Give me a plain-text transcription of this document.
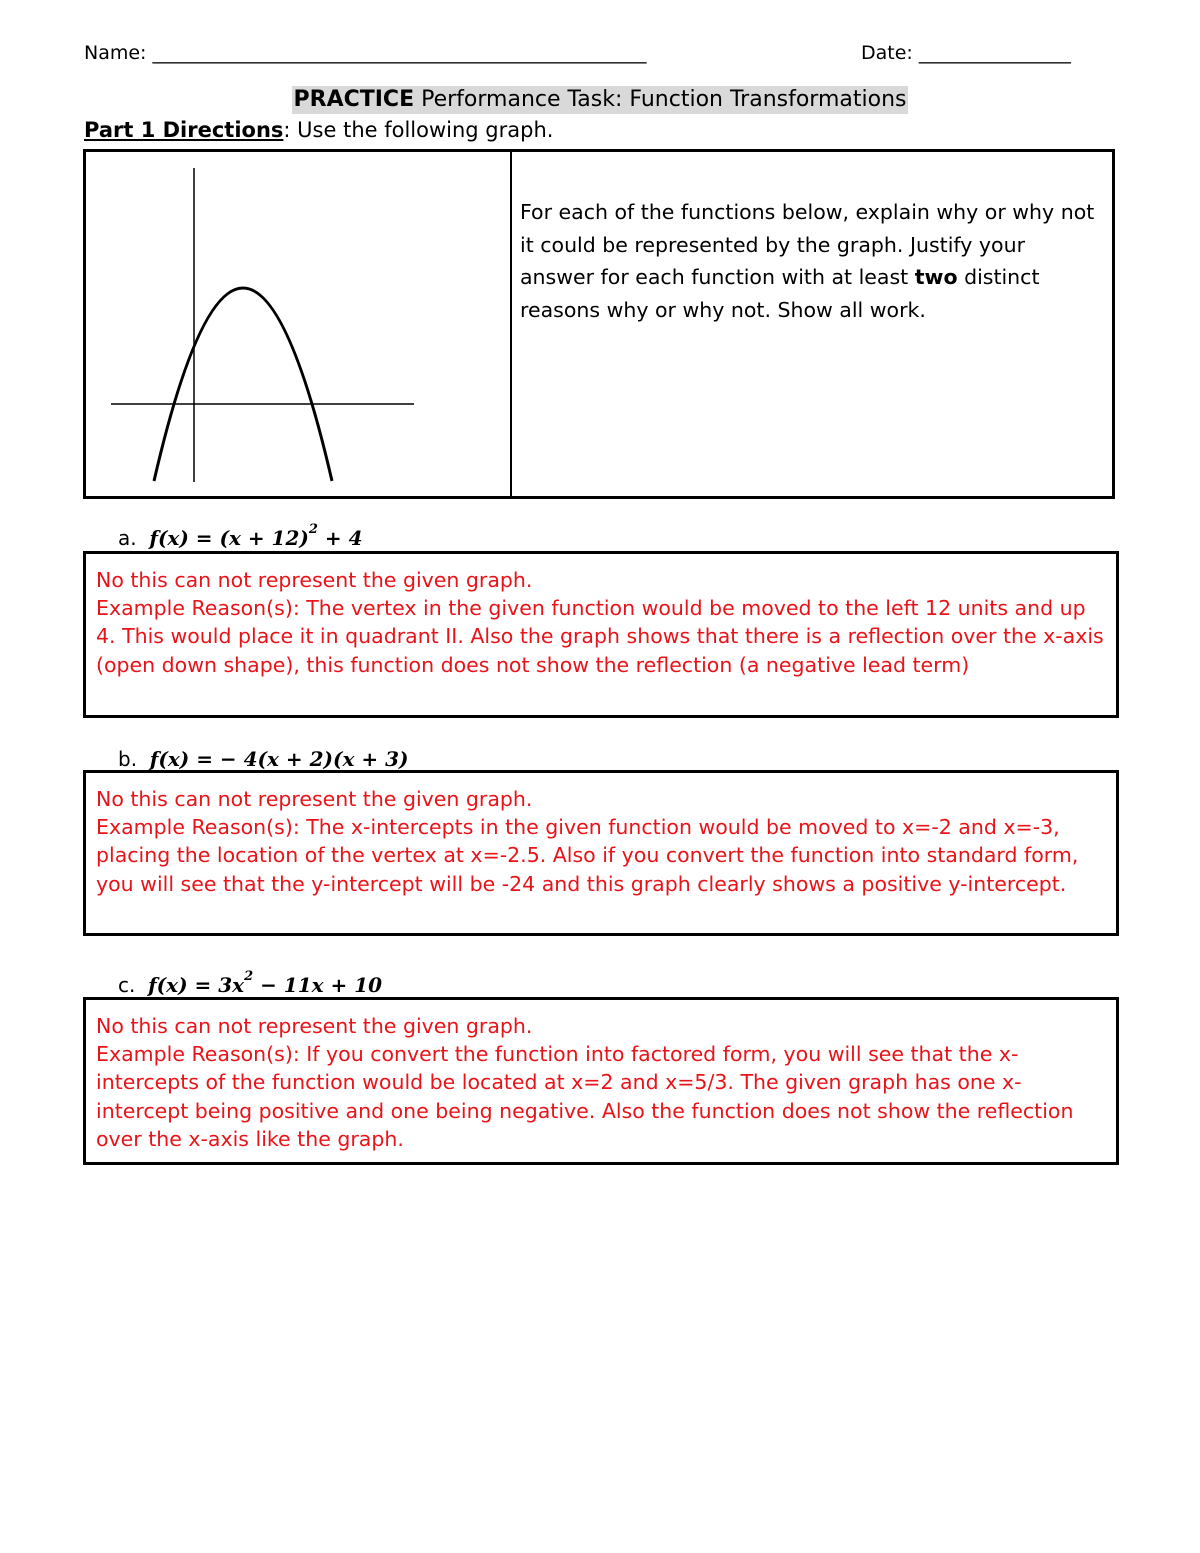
Name: ____________________________________________________	Date: ________________
PRACTICE Performance Task: Function Transformations
Part 1 Directions: Use the following graph.
For each of the functions below, explain why or why not it could be represented by the graph. Justify your answer for each function with at least two distinct reasons why or why not. Show all work.
a. $f(x) = (x + 12)^2 + 4$
No this can not represent the given graph.
Example Reason(s): The vertex in the given function would be moved to the left 12 units and up 4. This would place it in quadrant II. Also the graph shows that there is a reflection over the x-axis (open down shape), this function does not show the reflection (a negative lead term)
b. f(x) = − 4(x + 2)(x + 3)
No this can not represent the given graph.
Example Reason(s): The x-intercepts in the given function would be moved to x=-2 and x=-3, placing the location of the vertex at x=-2.5. Also if you convert the function into standard form, you will see that the y-intercept will be -24 and this graph clearly shows a positive y-intercept.
c. $f(x) = 3x^2 - 11x + 10$
No this can not represent the given graph.
Example Reason(s): If you convert the function into factored form, you will see that the x-intercepts of the function would be located at x=2 and x=5/3. The given graph has one x-intercept being positive and one being negative. Also the function does not show the reflection over the x-axis like the graph.
